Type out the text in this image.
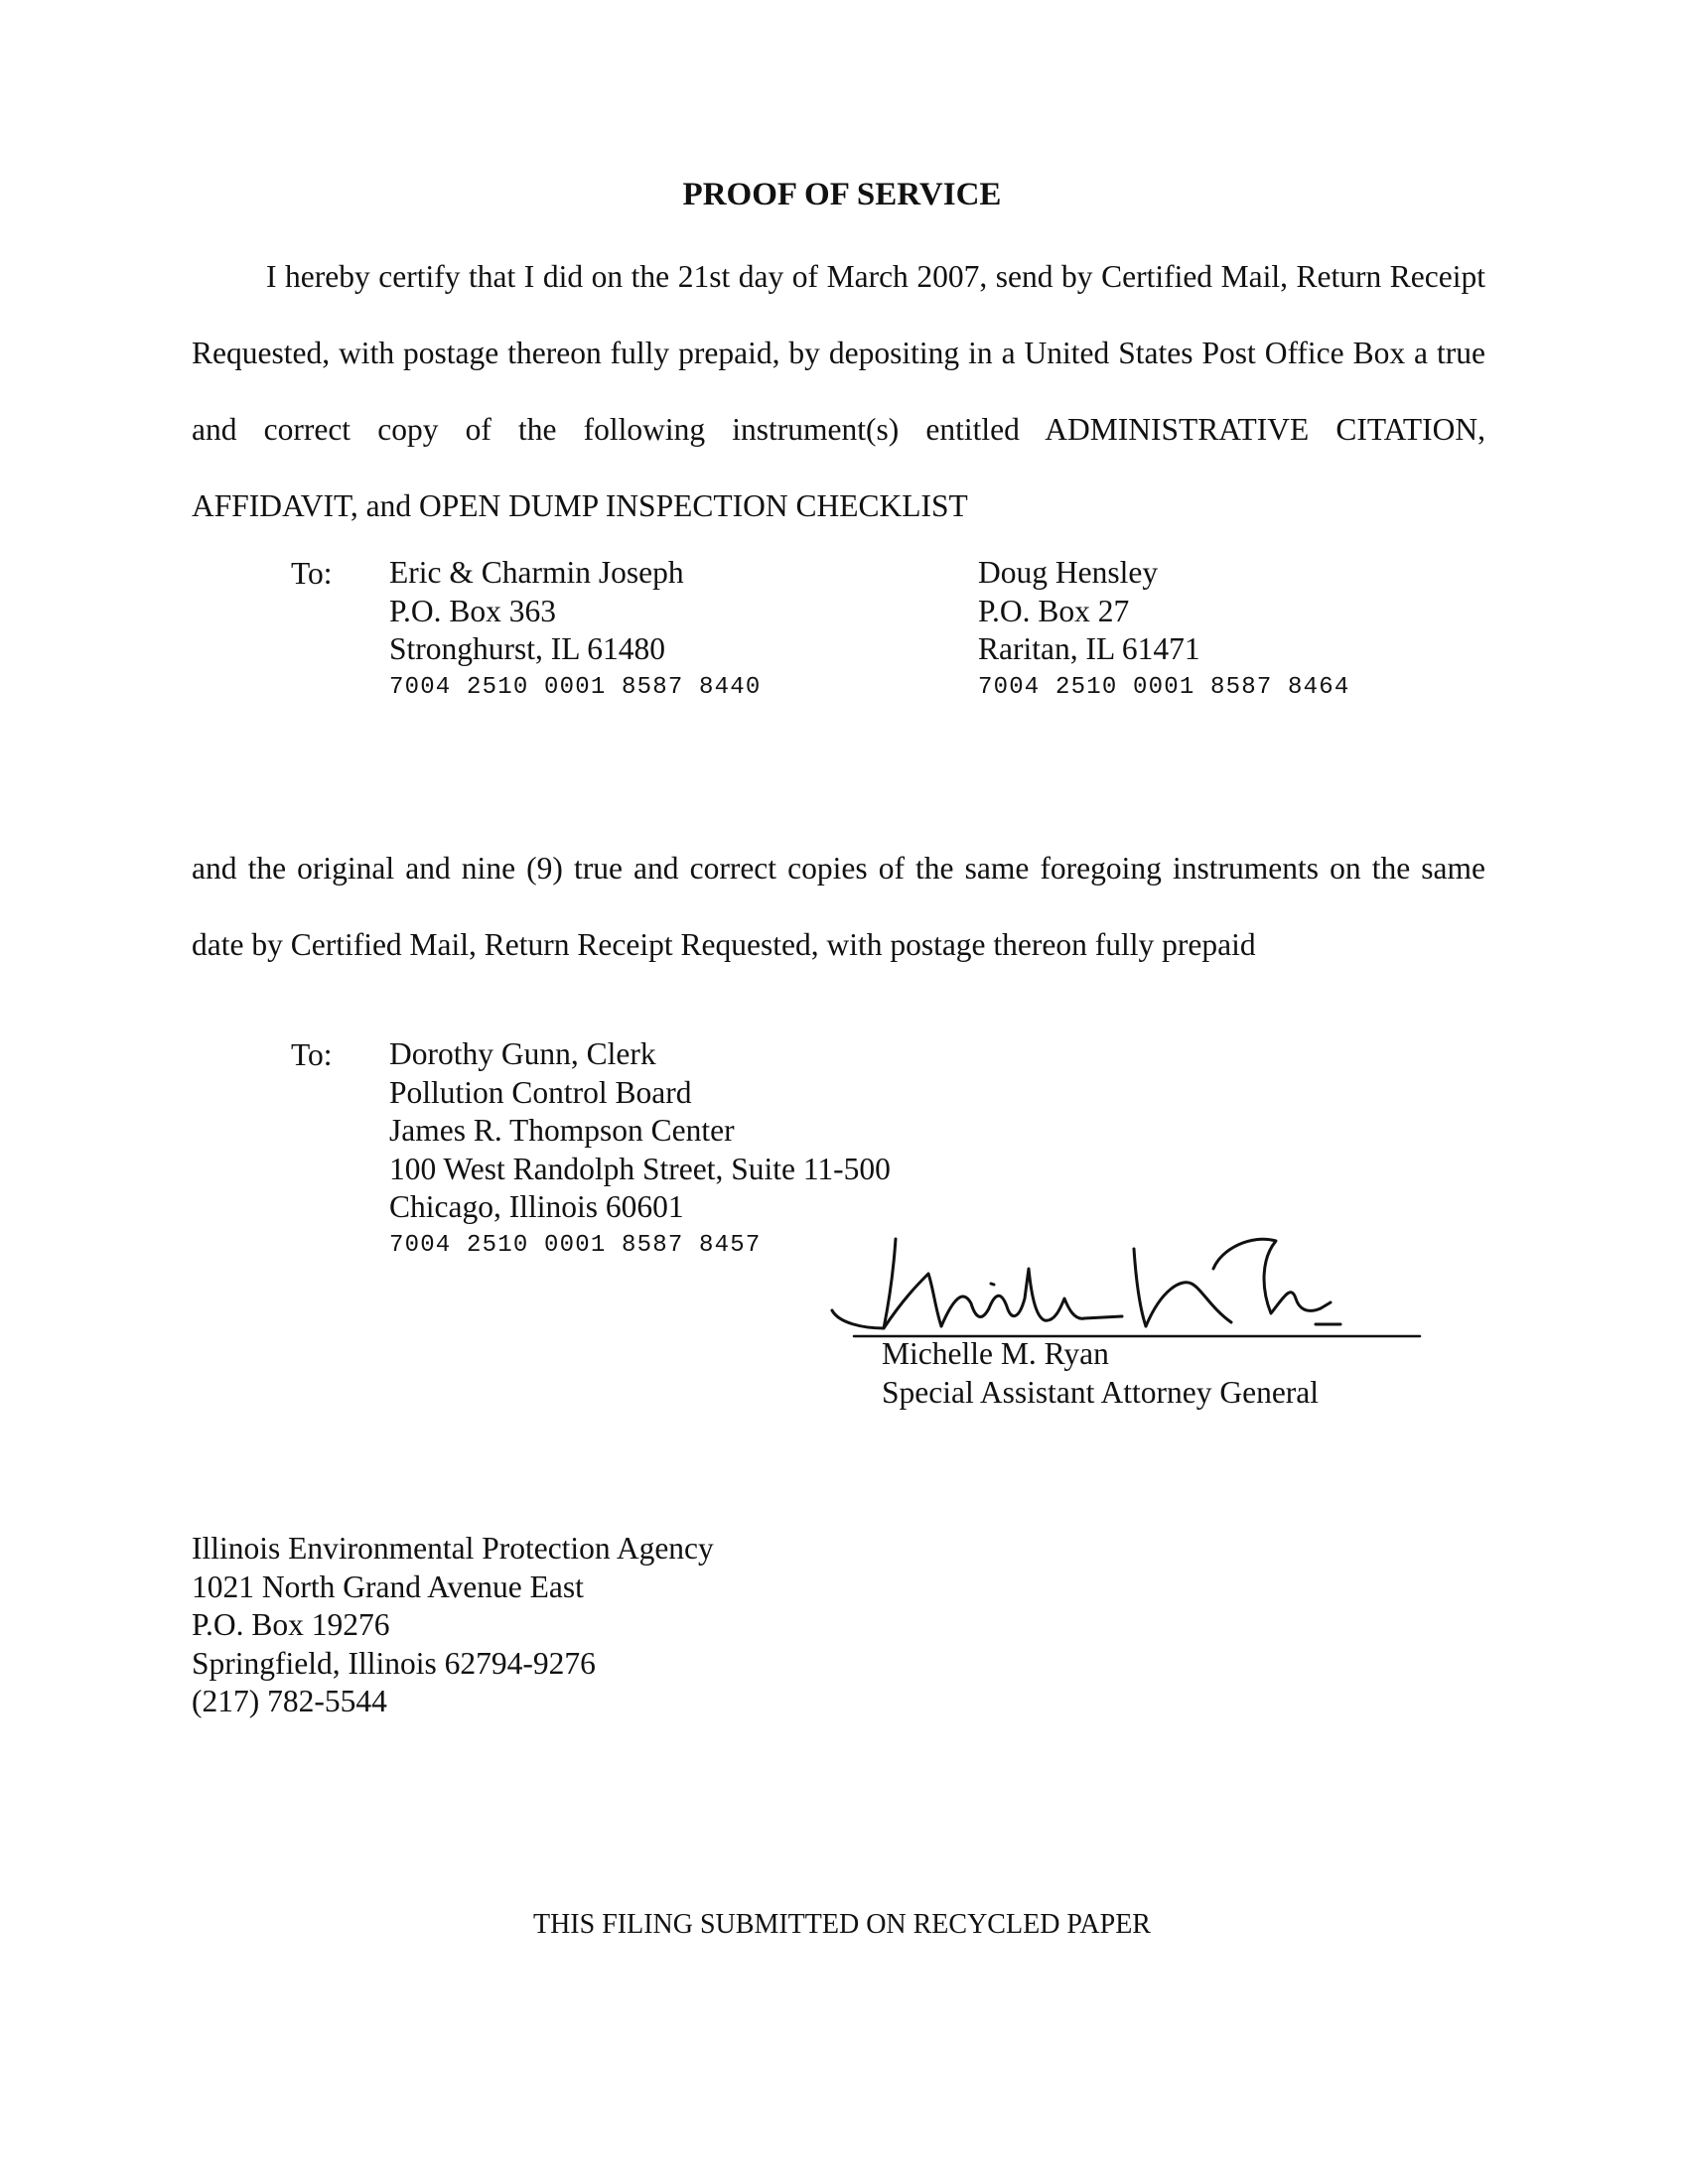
PROOF OF SERVICE
I hereby certify that I did on the 21st day of March 2007, send by Certified Mail, Return Receipt
Requested, with postage thereon fully prepaid, by depositing in a United States Post Office Box a true
and correct copy of the following instrument(s) entitled ADMINISTRATIVE CITATION,
AFFIDAVIT, and OPEN DUMP INSPECTION CHECKLIST
To: Eric & Charmin Joseph
P.O. Box 363
Stronghurst, IL 61480
7004 2510 0001 8587 8440
Doug Hensley
P.O. Box 27
Raritan, IL 61471
7004 2510 0001 8587 8464
and the original and nine (9) true and correct copies of the same foregoing instruments on the same
date by Certified Mail, Return Receipt Requested, with postage thereon fully prepaid
To: Dorothy Gunn, Clerk
Pollution Control Board
James R. Thompson Center
100 West Randolph Street, Suite 11-500
Chicago, Illinois 60601
7004 2510 0001 8587 8457
Michelle M. Ryan
Special Assistant Attorney General
Illinois Environmental Protection Agency
1021 North Grand Avenue East
P.O. Box 19276
Springfield, Illinois 62794-9276
(217) 782-5544
THIS FILING SUBMITTED ON RECYCLED PAPER
